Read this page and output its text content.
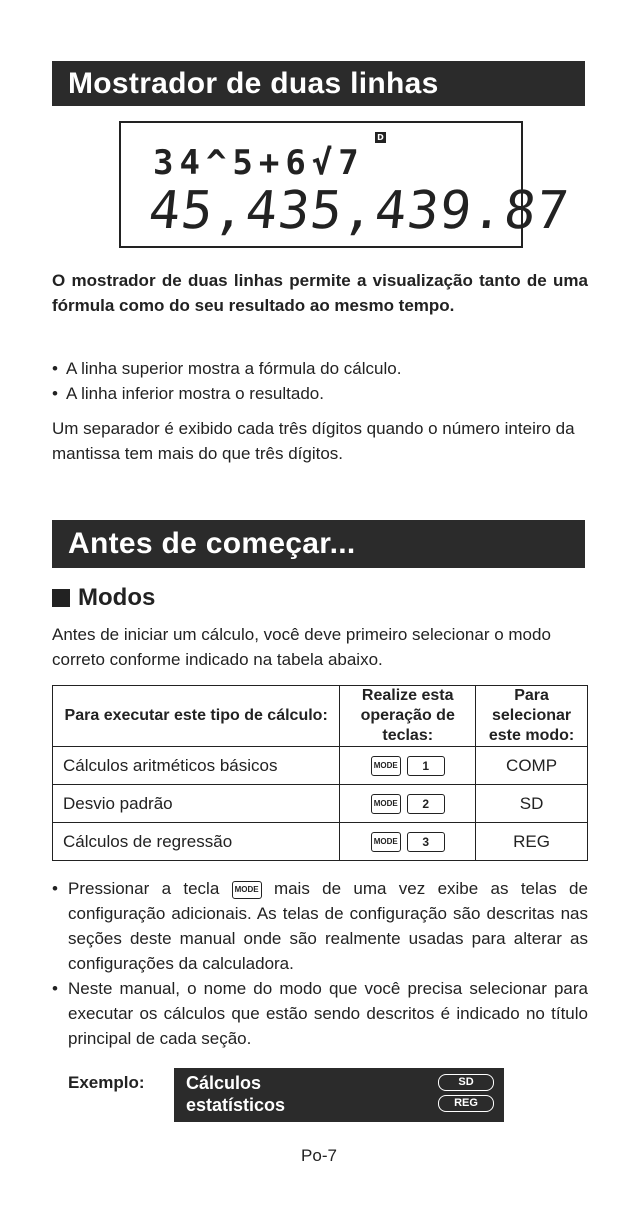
Mostrador de duas linhas
D
34^5+6√7
45,435,439.87

O mostrador de duas linhas permite a visualização tanto de uma fórmula como do seu resultado ao mesmo tempo.

• A linha superior mostra a fórmula do cálculo.
• A linha inferior mostra o resultado.

Um separador é exibido cada três dígitos quando o número inteiro da mantissa tem mais do que três dígitos.

Antes de começar...
Modos

Antes de iniciar um cálculo, você deve primeiro selecionar o modo correto conforme indicado na tabela abaixo.

Para executar este tipo de cálculo:	Realize esta operação de teclas:	Para selecionar este modo:
Cálculos aritméticos básicos	MODE 1	COMP
Desvio padrão	MODE 2	SD
Cálculos de regressão	MODE 3	REG
• Pressionar a tecla MODE mais de uma vez exibe as telas de configuração adicionais. As telas de configuração são descritas nas seções deste manual onde são realmente usadas para alterar as configurações da calculadora.
• Neste manual, o nome do modo que você precisa selecionar para executar os cálculos que estão sendo descritos é indicado no título principal de cada seção.
Exemplo: Cálculos
estatísticos
SD
REG
Po-7
